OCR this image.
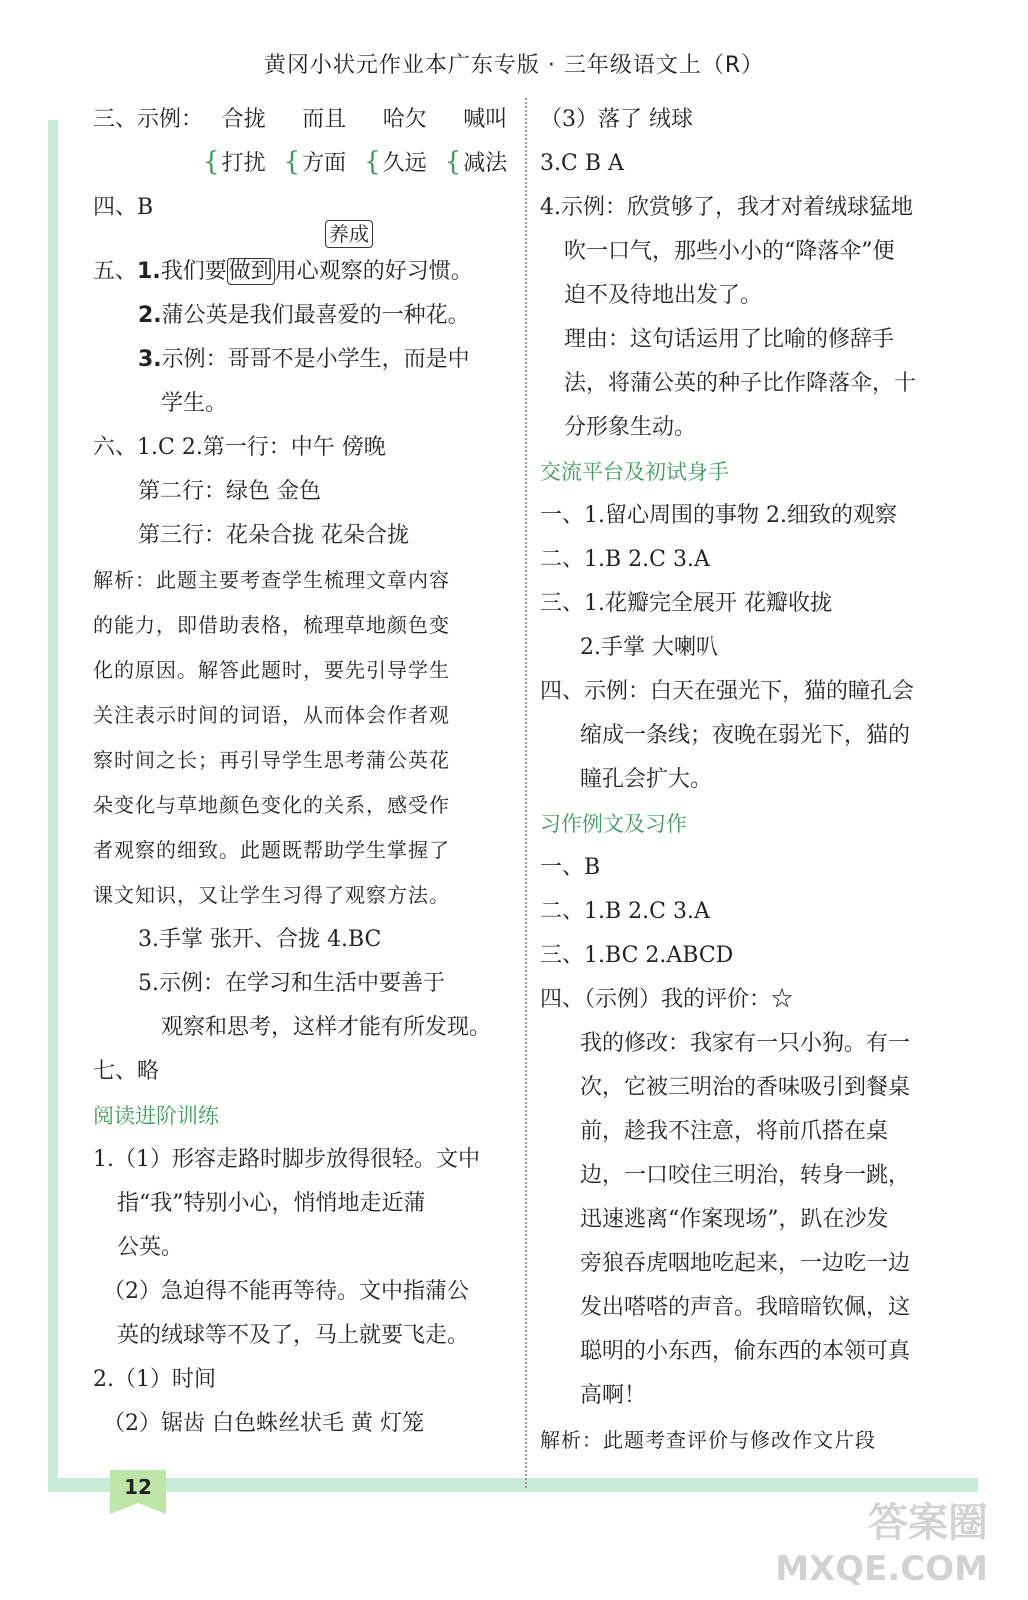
黄冈小状元作业本广东专版 · 三年级语文上（R）
三、示例：{合拢
打扰 {而且
方面 {哈欠
久远 {喊叫
减法
四、B
养成
五、1.我们要做到用心观察的好习惯。
2.蒲公英是我们最喜爱的一种花。
3.示例：哥哥不是小学生，而是中
学生。
六、1.C 2.第一行：中午 傍晚
第二行：绿色 金色
第三行：花朵合拢 花朵合拢
解析：此题主要考查学生梳理文章内容
的能力，即借助表格，梳理草地颜色变
化的原因。解答此题时，要先引导学生
关注表示时间的词语，从而体会作者观
察时间之长；再引导学生思考蒲公英花
朵变化与草地颜色变化的关系，感受作
者观察的细致。此题既帮助学生掌握了
课文知识，又让学生习得了观察方法。
3.手掌 张开、合拢 4.BC
5.示例：在学习和生活中要善于
观察和思考，这样才能有所发现。
七、略
阅读进阶训练
1.（1）形容走路时脚步放得很轻。文中
指“我”特别小心，悄悄地走近蒲
公英。
（2）急迫得不能再等待。文中指蒲公
英的绒球等不及了，马上就要飞走。
2.（1）时间
（2）锯齿 白色蛛丝状毛 黄 灯笼
（3）落了 绒球
3.C B A
4.示例：欣赏够了，我才对着绒球猛地
吹一口气，那些小小的“降落伞”便
迫不及待地出发了。
理由：这句话运用了比喻的修辞手
法，将蒲公英的种子比作降落伞，十
分形象生动。
交流平台及初试身手
一、1.留心周围的事物 2.细致的观察
二、1.B 2.C 3.A
三、1.花瓣完全展开 花瓣收拢
2.手掌 大喇叭
四、示例：白天在强光下，猫的瞳孔会
缩成一条线；夜晚在弱光下，猫的
瞳孔会扩大。
习作例文及习作
一、B
二、1.B 2.C 3.A
三、1.BC 2.ABCD
四、（示例）我的评价：☆
我的修改：我家有一只小狗。有一
次，它被三明治的香味吸引到餐桌
前，趁我不注意，将前爪搭在桌
边，一口咬住三明治，转身一跳，
迅速逃离“作案现场”，趴在沙发
旁狼吞虎咽地吃起来，一边吃一边
发出嗒嗒的声音。我暗暗钦佩，这
聪明的小东西，偷东西的本领可真
高啊！
解析：此题考查评价与修改作文片段
12
答案圈
MXQE.COM
